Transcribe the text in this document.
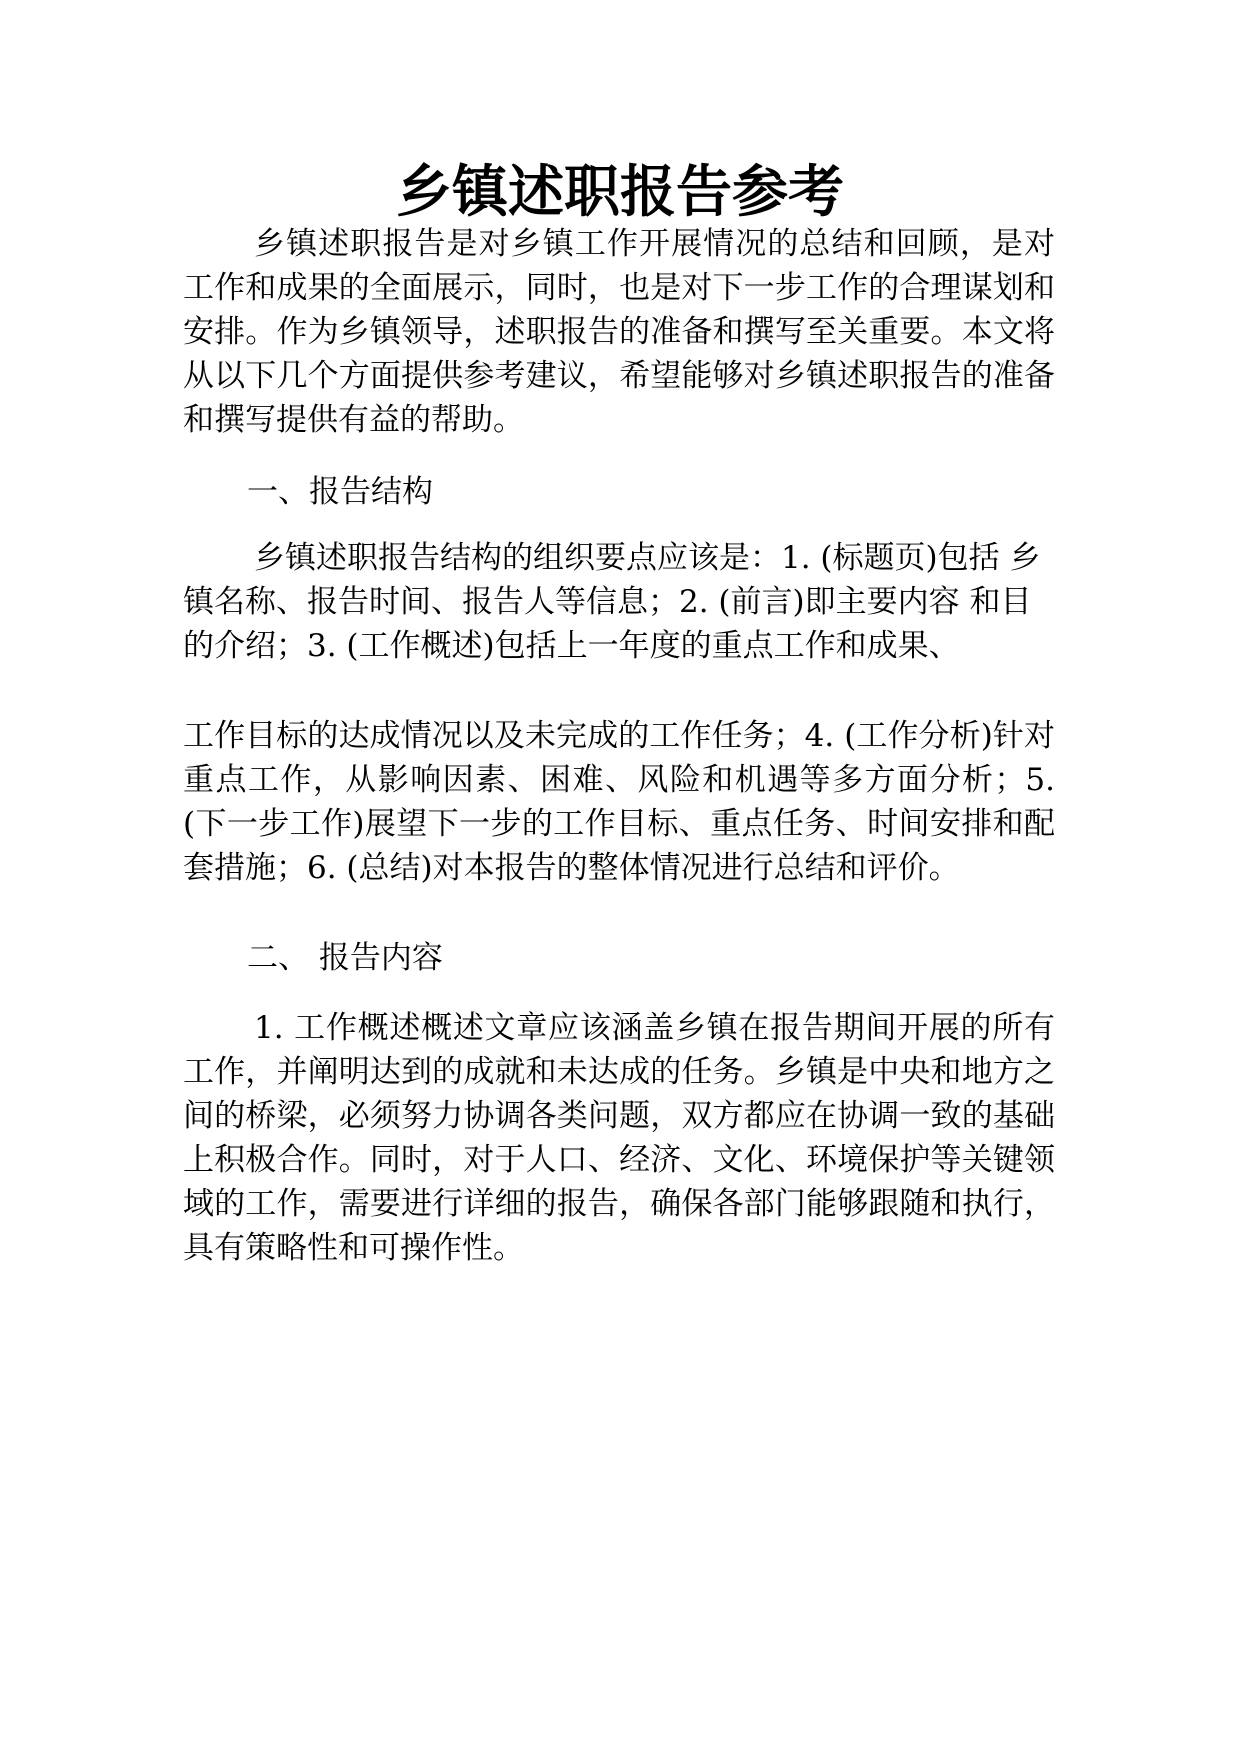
乡镇述职报告参考

乡镇述职报告是对乡镇工作开展情况的总结和回顾，是对工作和成果的全面展示，同时，也是对下一步工作的合理谋划和安排。作为乡镇领导，述职报告的准备和撰写至关重要。本文将从以下几个方面提供参考建议，希望能够对乡镇述职报告的准备和撰写提供有益的帮助。

一、报告结构

乡镇述职报告结构的组织要点应该是：1. (标题页)包括 乡镇名称、报告时间、报告人等信息；2. (前言)即主要内容 和目的介绍；3. (工作概述)包括上一年度的重点工作和成果、

工作目标的达成情况以及未完成的工作任务；4. (工作分析)针对重点工作，从影响因素、困难、风险和机遇等多方面分析；5. (下一步工作)展望下一步的工作目标、重点任务、时间安排和配套措施；6. (总结)对本报告的整体情况进行总结和评价。

二、 报告内容

1. 工作概述概述文章应该涵盖乡镇在报告期间开展的所有工作，并阐明达到的成就和未达成的任务。乡镇是中央和地方之间的桥梁，必须努力协调各类问题，双方都应在协调一致的基础上积极合作。同时，对于人口、经济、文化、环境保护等关键领域的工作，需要进行详细的报告，确保各部门能够跟随和执行，具有策略性和可操作性。
